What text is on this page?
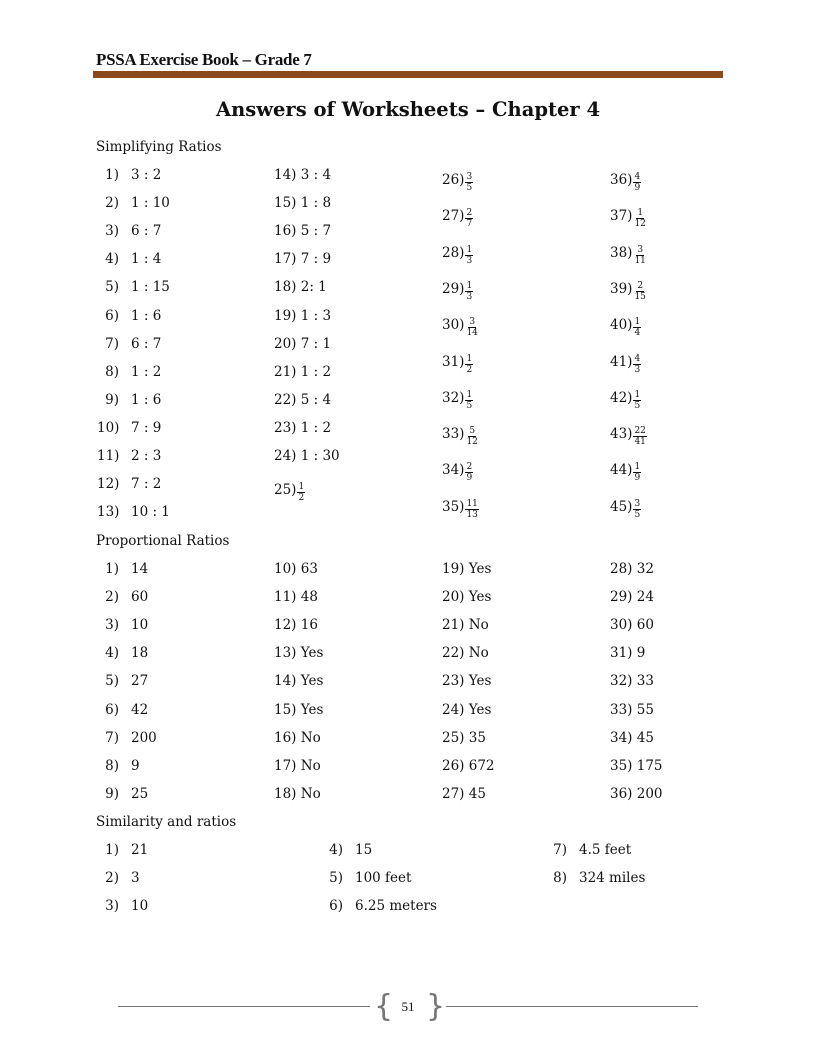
PSSA Exercise Book – Grade 7
Answers of Worksheets – Chapter 4
Simplifying Ratios
Proportional Ratios
Similarity and ratios
1) 3 : 2
2) 1 : 10
3) 6 : 7
4) 1 : 4
5) 1 : 15
6) 1 : 6
7) 6 : 7
8) 1 : 2
9) 1 : 6
10) 7 : 9
11) 2 : 3
12) 7 : 2
13) 10 : 1
14) 3 : 4
15) 1 : 8
16) 5 : 7
17) 7 : 9
18) 2: 1
19) 1 : 3
20) 7 : 1
21) 1 : 2
22) 5 : 4
23) 1 : 2
24) 1 : 30
$25) \frac{1}{2}$
$26) \frac{3}{5}$
$27) \frac{2}{7}$
$28) \frac{1}{3}$
$29) \frac{1}{3}$
$30) \frac{3}{14}$
$31) \frac{1}{2}$
$32) \frac{1}{5}$
$33) \frac{5}{12}$
$34) \frac{2}{9}$
$35) \frac{11}{13}$
$36) \frac{4}{9}$
$37) \frac{1}{12}$
$38) \frac{3}{11}$
$39) \frac{2}{15}$
$40) \frac{1}{4}$
$41) \frac{4}{3}$
$42) \frac{1}{5}$
$43) \frac{22}{41}$
$44) \frac{1}{9}$
$45) \frac{3}{5}$
1) 14
2) 60
3) 10
4) 18
5) 27
6) 42
7) 200
8) 9
9) 25
10) 63
11) 48
12) 16
13) Yes
14) Yes
15) Yes
16) No
17) No
18) No
19) Yes
20) Yes
21) No
22) No
23) Yes
24) Yes
25) 35
26) 672
27) 45
28) 32
29) 24
30) 60
31) 9
32) 33
33) 55
34) 45
35) 175
36) 200
1) 21
2) 3
3) 10
4) 15
5) 100 feet
6) 6.25 meters
7) 4.5 feet
8) 324 miles
{ }
51
